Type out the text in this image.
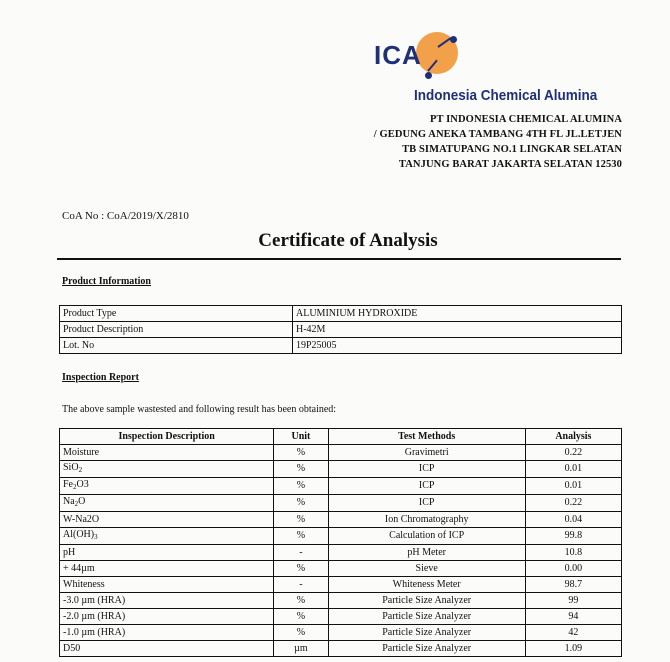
ICA
Indonesia Chemical Alumina
PT INDONESIA CHEMICAL ALUMINA
/ GEDUNG ANEKA TAMBANG 4TH FL JL.LETJEN
TB SIMATUPANG NO.1 LINGKAR SELATAN
TANJUNG BARAT JAKARTA SELATAN 12530
CoA No : CoA/2019/X/2810
Certificate of Analysis
Product Information
Product Type	ALUMINIUM HYDROXIDE
Product Description	H-42M
Lot. No	19P25005
Inspection Report
The above sample wastested and following result has been obtained:
Inspection Description	Unit	Test Methods	Analysis
Moisture	%	Gravimetri	0.22
SiO$_2$	%	ICP	0.01
$Fe_2O3$	%	ICP	0.01
$Na_2O$	%	ICP	0.22
W-Na2O	%	Ion Chromatography	0.04
$Al(OH)_3$	%	Calculation of ICP	99.8
pH	-	pH Meter	10.8
+ 44µm	%	Sieve	0.00
Whiteness	-	Whiteness Meter	98.7
-3.0 µm (HRA)	%	Particle Size Analyzer	99
-2.0 µm (HRA)	%	Particle Size Analyzer	94
-1.0 µm (HRA)	%	Particle Size Analyzer	42
D50	µm	Particle Size Analyzer	1.09
